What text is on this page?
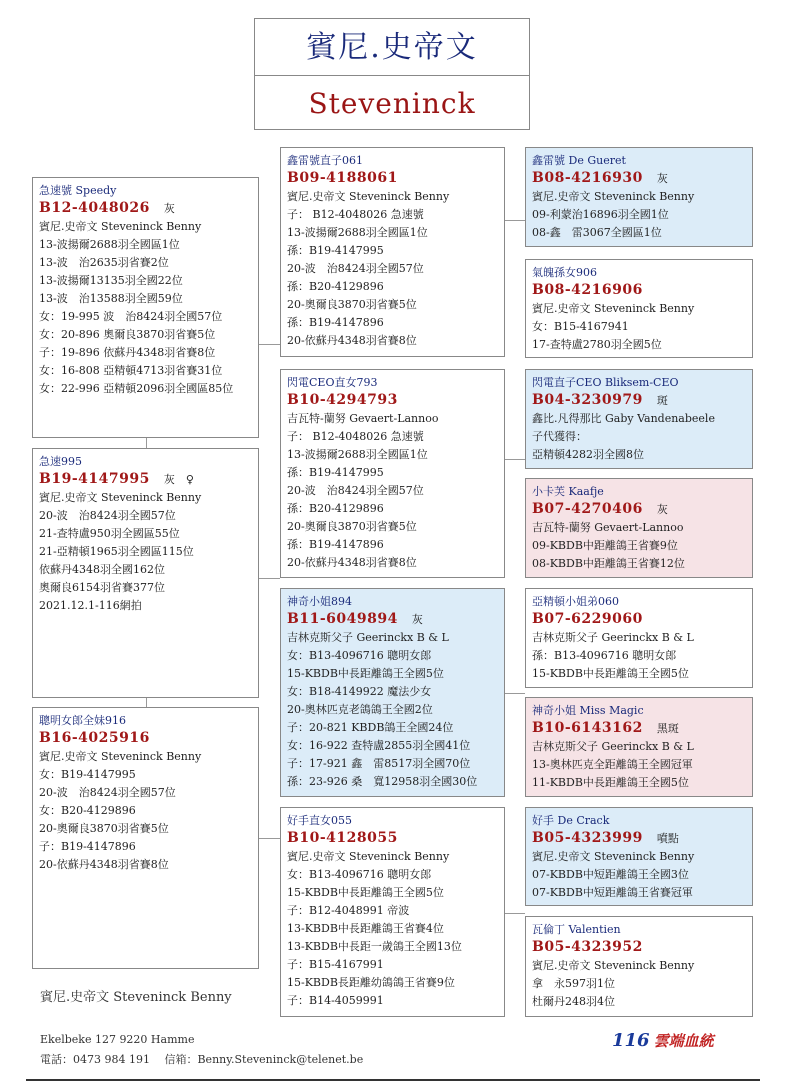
賓尼.史帝文
Steveninck
急速號 Speedy
B12-4048026 灰
賓尼.史帝文 Steveninck Benny
13-波揚爾2688羽全國區1位
13-波　治2635羽省賽2位
13-波揚爾13135羽全國22位
13-波　治13588羽全國59位
女：19-995 波　治8424羽全國57位
女：20-896 奧爾良3870羽省賽5位
子：19-896 依蘇丹4348羽省賽8位
女：16-808 亞精頓4713羽省賽31位
女：22-996 亞精頓2096羽全國區85位
急速995
B19-4147995 灰　♀
賓尼.史帝文 Steveninck Benny
20-波　治8424羽全國57位
21-查特盧950羽全國區55位
21-亞精頓1965羽全國區115位
依蘇丹4348羽全國162位
奧爾良6154羽省賽377位
2021.12.1-116網拍
聰明女郎全妹916
B16-4025916
賓尼.史帝文 Steveninck Benny
女：B19-4147995
20-波　治8424羽全國57位
女：B20-4129896
20-奧爾良3870羽省賽5位
子：B19-4147896
20-依蘇丹4348羽省賽8位
鑫雷號直子061
B09-4188061
賓尼.史帝文 Steveninck Benny
子： B12-4048026 急速號
13-波揚爾2688羽全國區1位
孫：B19-4147995
20-波　治8424羽全國57位
孫：B20-4129896
20-奧爾良3870羽省賽5位
孫：B19-4147896
20-依蘇丹4348羽省賽8位
閃電CEO直女793
B10-4294793
吉瓦特-蘭努 Gevaert-Lannoo
子： B12-4048026 急速號
13-波揚爾2688羽全國區1位
孫：B19-4147995
20-波　治8424羽全國57位
孫：B20-4129896
20-奧爾良3870羽省賽5位
孫：B19-4147896
20-依蘇丹4348羽省賽8位
神奇小姐894
B11-6049894 灰
吉林克斯父子 Geerinckx B & L
女：B13-4096716 聰明女郎
15-KBDB中長距離鴿王全國5位
女：B18-4149922 魔法少女
20-奧林匹克老鴿鴿王全國2位
子：20-821 KBDB鴿王全國24位
女：16-922 查特盧2855羽全國41位
子：17-921 鑫　雷8517羽全國70位
孫：23-926 桑　寬12958羽全國30位
好手直女055
B10-4128055
賓尼.史帝文 Steveninck Benny
女：B13-4096716 聰明女郎
15-KBDB中長距離鴿王全國5位
子：B12-4048991 帝波
13-KBDB中長距離鴿王省賽4位
13-KBDB中長距一歲鴿王全國13位
子：B15-4167991
15-KBDB長距離幼鴿鴿王省賽9位
子：B14-4059991
鑫雷號 De Gueret
B08-4216930 灰
賓尼.史帝文 Steveninck Benny
09-利蒙治16896羽全國1位
08-鑫　雷3067全國區1位
氣魄孫女906
B08-4216906
賓尼.史帝文 Steveninck Benny
女：B15-4167941
17-查特盧2780羽全國5位
閃電直子CEO Bliksem-CEO
B04-3230979 斑
鑫比.凡得那比 Gaby Vandenabeele
子代獲得：
亞精頓4282羽全國8位
小卡芙 Kaafje
B07-4270406 灰
吉瓦特-蘭努 Gevaert-Lannoo
09-KBDB中距離鴿王省賽9位
08-KBDB中距離鴿王省賽12位
亞精頓小姐弟060
B07-6229060
吉林克斯父子 Geerinckx B & L
孫：B13-4096716 聰明女郎
15-KBDB中長距離鴿王全國5位
神奇小姐 Miss Magic
B10-6143162 黑斑
吉林克斯父子 Geerinckx B & L
13-奧林匹克全距離鴿王全國冠軍
11-KBDB中長距離鴿王全國5位
好手 De Crack
B05-4323999 噴點
賓尼.史帝文 Steveninck Benny
07-KBDB中短距離鴿王全國3位
07-KBDB中短距離鴿王省賽冠軍
瓦倫丁 Valentien
B05-4323952
賓尼.史帝文 Steveninck Benny
拿　永597羽1位
杜爾丹248羽4位
賓尼.史帝文 Steveninck Benny
Ekelbeke 127 9220 Hamme
電話：0473 984 191　 信箱：Benny.Steveninck@telenet.be
116 雲端血統
